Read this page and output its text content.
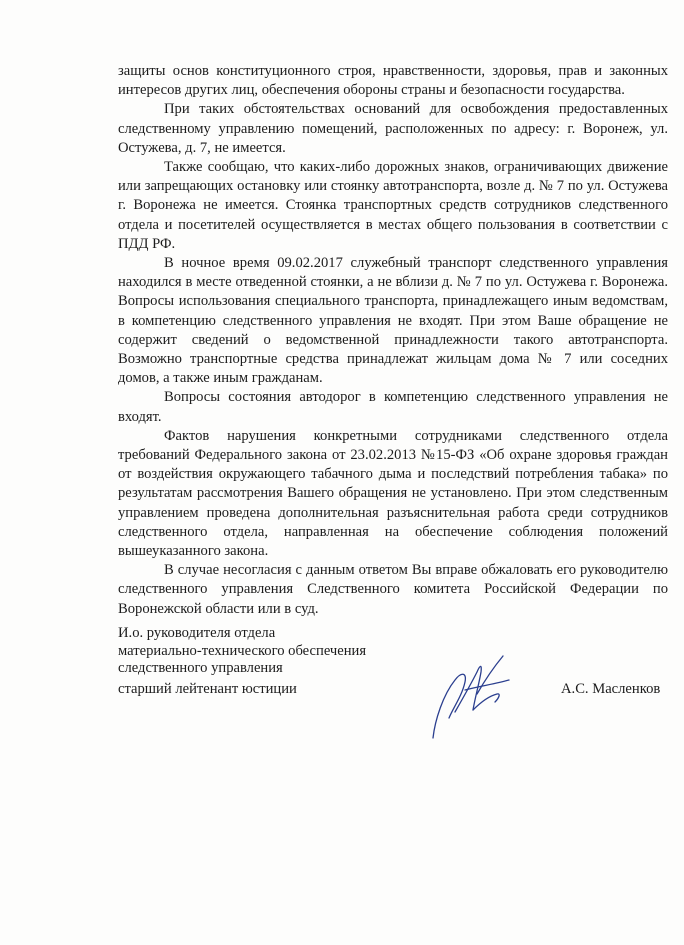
защиты основ конституционного строя, нравственности, здоровья, прав и законных интересов других лиц, обеспечения обороны страны и безопасности государства.

При таких обстоятельствах оснований для освобождения предоставленных следственному управлению помещений, расположенных по адресу: г. Воронеж, ул. Остужева, д. 7, не имеется.

Также сообщаю, что каких-либо дорожных знаков, ограничивающих движение или запрещающих остановку или стоянку автотранспорта, возле д. № 7 по ул. Остужева г. Воронежа не имеется. Стоянка транспортных средств сотрудников следственного отдела и посетителей осуществляется в местах общего пользования в соответствии с ПДД РФ.

В ночное время 09.02.2017 служебный транспорт следственного управления находился в месте отведенной стоянки, а не вблизи д. № 7 по ул. Остужева г. Воронежа. Вопросы использования специального транспорта, принадлежащего иным ведомствам, в компетенцию следственного управления не входят. При этом Ваше обращение не содержит сведений о ведомственной принадлежности такого автотранспорта. Возможно транспортные средства принадлежат жильцам дома № 7 или соседних домов, а также иным гражданам.

Вопросы состояния автодорог в компетенцию следственного управления не входят.

Фактов нарушения конкретными сотрудниками следственного отдела требований Федерального закона от 23.02.2013 №15-ФЗ «Об охране здоровья граждан от воздействия окружающего табачного дыма и последствий потребления табака» по результатам рассмотрения Вашего обращения не установлено. При этом следственным управлением проведена дополнительная разъяснительная работа среди сотрудников следственного отдела, направленная на обеспечение соблюдения положений вышеуказанного закона.

В случае несогласия с данным ответом Вы вправе обжаловать его руководителю следственного управления Следственного комитета Российской Федерации по Воронежской области или в суд.

И.о. руководителя отдела
материально-технического обеспечения
следственного управления
старший лейтенант юстиции	А.С. Масленков
